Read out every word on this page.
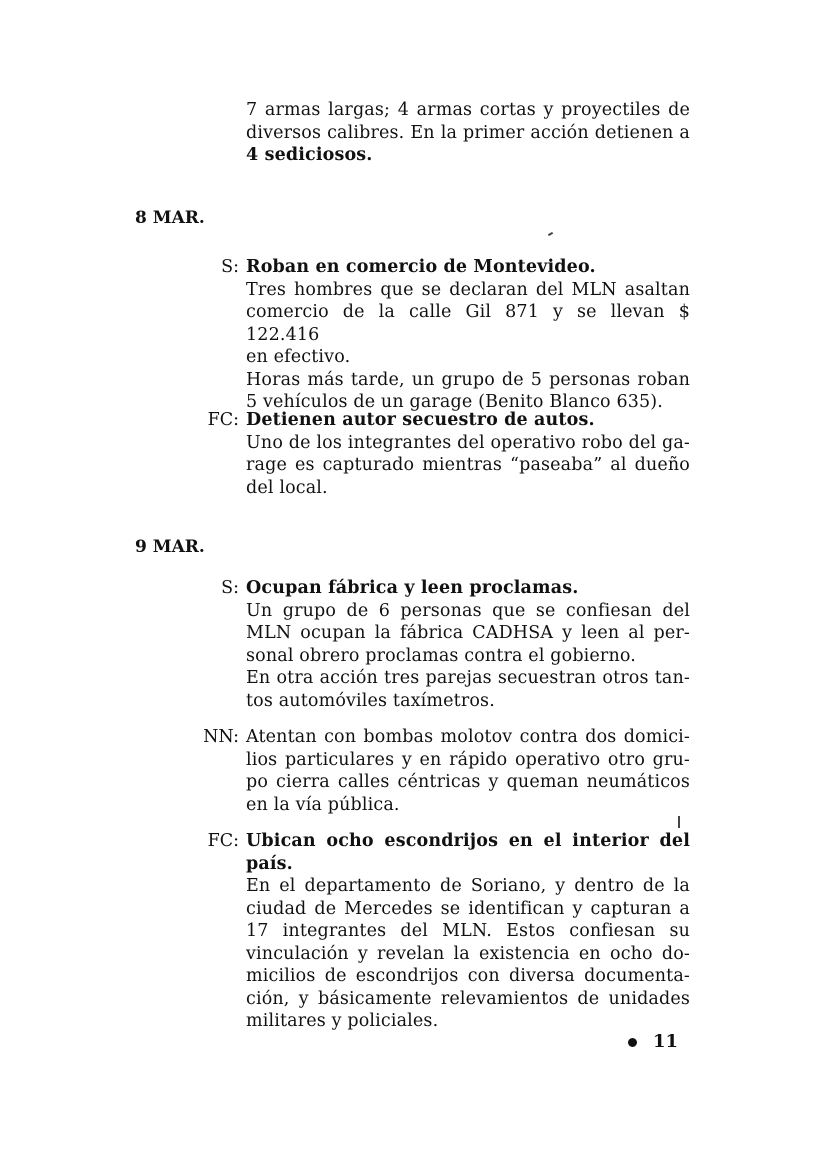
7 armas largas; 4 armas cortas y proyectiles de
diversos calibres. En la primer acción detienen a
4 sediciosos.
8 MAR.
S: Roban en comercio de Montevideo.
Tres hombres que se declaran del MLN asaltan
comercio de la calle Gil 871 y se llevan $ 122.416
en efectivo.
Horas más tarde, un grupo de 5 personas roban
5 vehículos de un garage (Benito Blanco 635).
FC: Detienen autor secuestro de autos.
Uno de los integrantes del operativo robo del ga-
rage es capturado mientras “paseaba” al dueño
del local.
9 MAR.
S: Ocupan fábrica y leen proclamas.
Un grupo de 6 personas que se confiesan del
MLN ocupan la fábrica CADHSA y leen al per-
sonal obrero proclamas contra el gobierno.
En otra acción tres parejas secuestran otros tan-
tos automóviles taxímetros.
NN: Atentan con bombas molotov contra dos domici-
lios particulares y en rápido operativo otro gru-
po cierra calles céntricas y queman neumáticos
en la vía pública.
FC: Ubican ocho escondrijos en el interior del país.
En el departamento de Soriano, y dentro de la
ciudad de Mercedes se identifican y capturan a
17 integrantes del MLN. Estos confiesan su
vinculación y revelan la existencia en ocho do-
micilios de escondrijos con diversa documenta-
ción, y básicamente relevamientos de unidades
militares y policiales.
11
